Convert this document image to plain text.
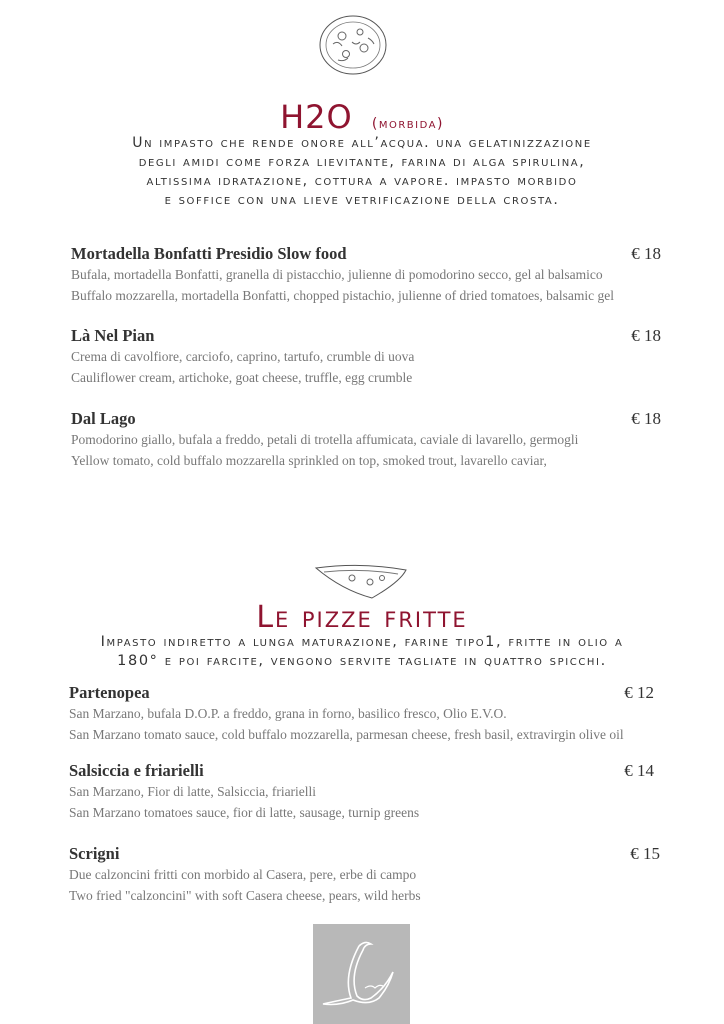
H2O (morbida)
Un impasto che rende onore all’acqua. una gelatinizzazione
degli amidi come forza lievitante, farina di alga spirulina,
altissima idratazione, cottura a vapore. impasto morbido
e soffice con una lieve vetrificazione della crosta.
Mortadella Bonfatti Presidio Slow food	€ 18
Bufala, mortadella Bonfatti, granella di pistacchio, julienne di pomodorino secco, gel al balsamico
Buffalo mozzarella, mortadella Bonfatti, chopped pistachio, julienne of dried tomatoes, balsamic gel
Là Nel Pian	€ 18
Crema di cavolfiore, carciofo, caprino, tartufo, crumble di uova
Cauliflower cream, artichoke, goat cheese, truffle, egg crumble
Dal Lago	€ 18
Pomodorino giallo, bufala a freddo, petali di trotella affumicata, caviale di lavarello, germogli
Yellow tomato, cold buffalo mozzarella sprinkled on top, smoked trout, lavarello caviar,
Le pizze fritte
Impasto indiretto a lunga maturazione, farine tipo1, fritte in olio a
180° e poi farcite, vengono servite tagliate in quattro spicchi.
Partenopea	€ 12
San Marzano, bufala D.O.P. a freddo, grana in forno, basilico fresco, Olio E.V.O.
San Marzano tomato sauce, cold buffalo mozzarella, parmesan cheese, fresh basil, extravirgin olive oil
Salsiccia e friarielli	€ 14
San Marzano, Fior di latte, Salsiccia, friarielli
San Marzano tomatoes sauce, fior di latte, sausage, turnip greens
Scrigni	€ 15
Due calzoncini fritti con morbido al Casera, pere, erbe di campo
Two fried "calzoncini" with soft Casera cheese, pears, wild herbs
